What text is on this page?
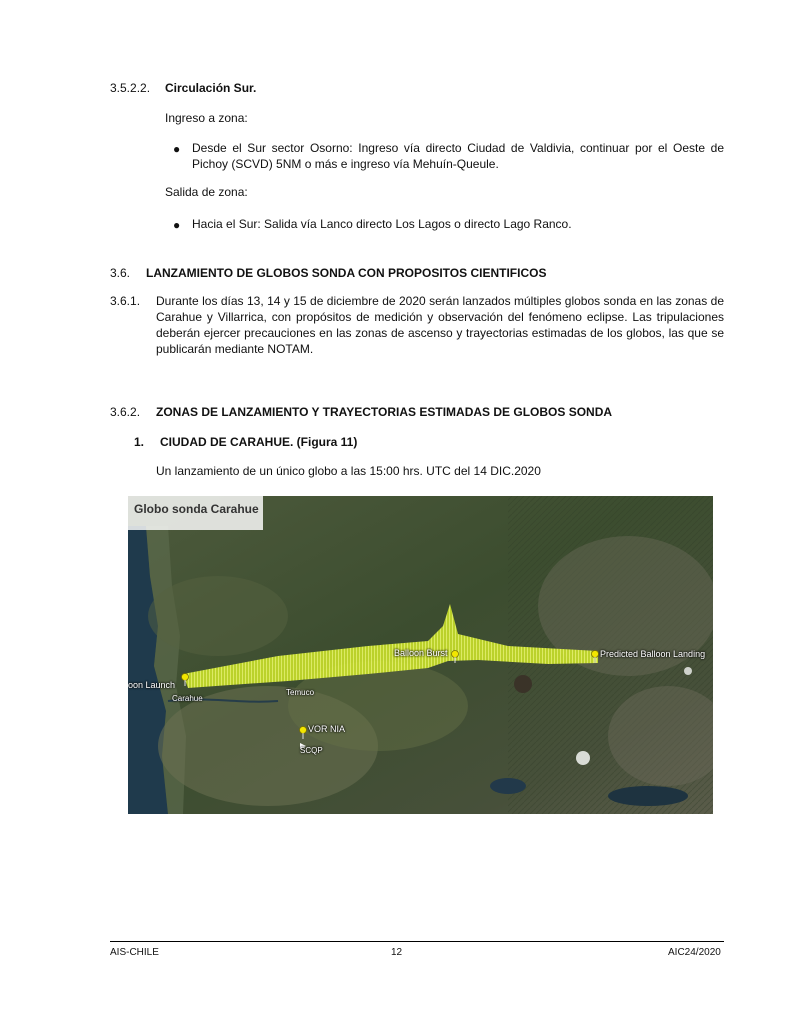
3.5.2.2. Circulación Sur.
Ingreso a zona:
● Desde el Sur sector Osorno: Ingreso vía directo Ciudad de Valdivia, continuar por el Oeste de Pichoy (SCVD) 5NM o más e ingreso vía Mehuín-Queule.
Salida de zona:
● Hacia el Sur: Salida vía Lanco directo Los Lagos o directo Lago Ranco.
3.6. LANZAMIENTO DE GLOBOS SONDA CON PROPOSITOS CIENTIFICOS
3.6.1. Durante los días 13, 14 y 15 de diciembre de 2020 serán lanzados múltiples globos sonda en las zonas de Carahue y Villarrica, con propósitos de medición y observación del fenómeno eclipse. Las tripulaciones deberán ejercer precauciones en las zonas de ascenso y trayectorias estimadas de los globos, las que se publicarán mediante NOTAM.
3.6.2. ZONAS DE LANZAMIENTO Y TRAYECTORIAS ESTIMADAS DE GLOBOS SONDA
1. CIUDAD DE CARAHUE. (Figura 11)
Un lanzamiento de un único globo a las 15:00 hrs. UTC del 14 DIC.2020
Globo sonda Carahue
oon Launch
Carahue
Temuco
Balloon Burst	Predicted Balloon Landing
VOR NIA
SCQP
AIS-CHILE	12	AIC24/2020
